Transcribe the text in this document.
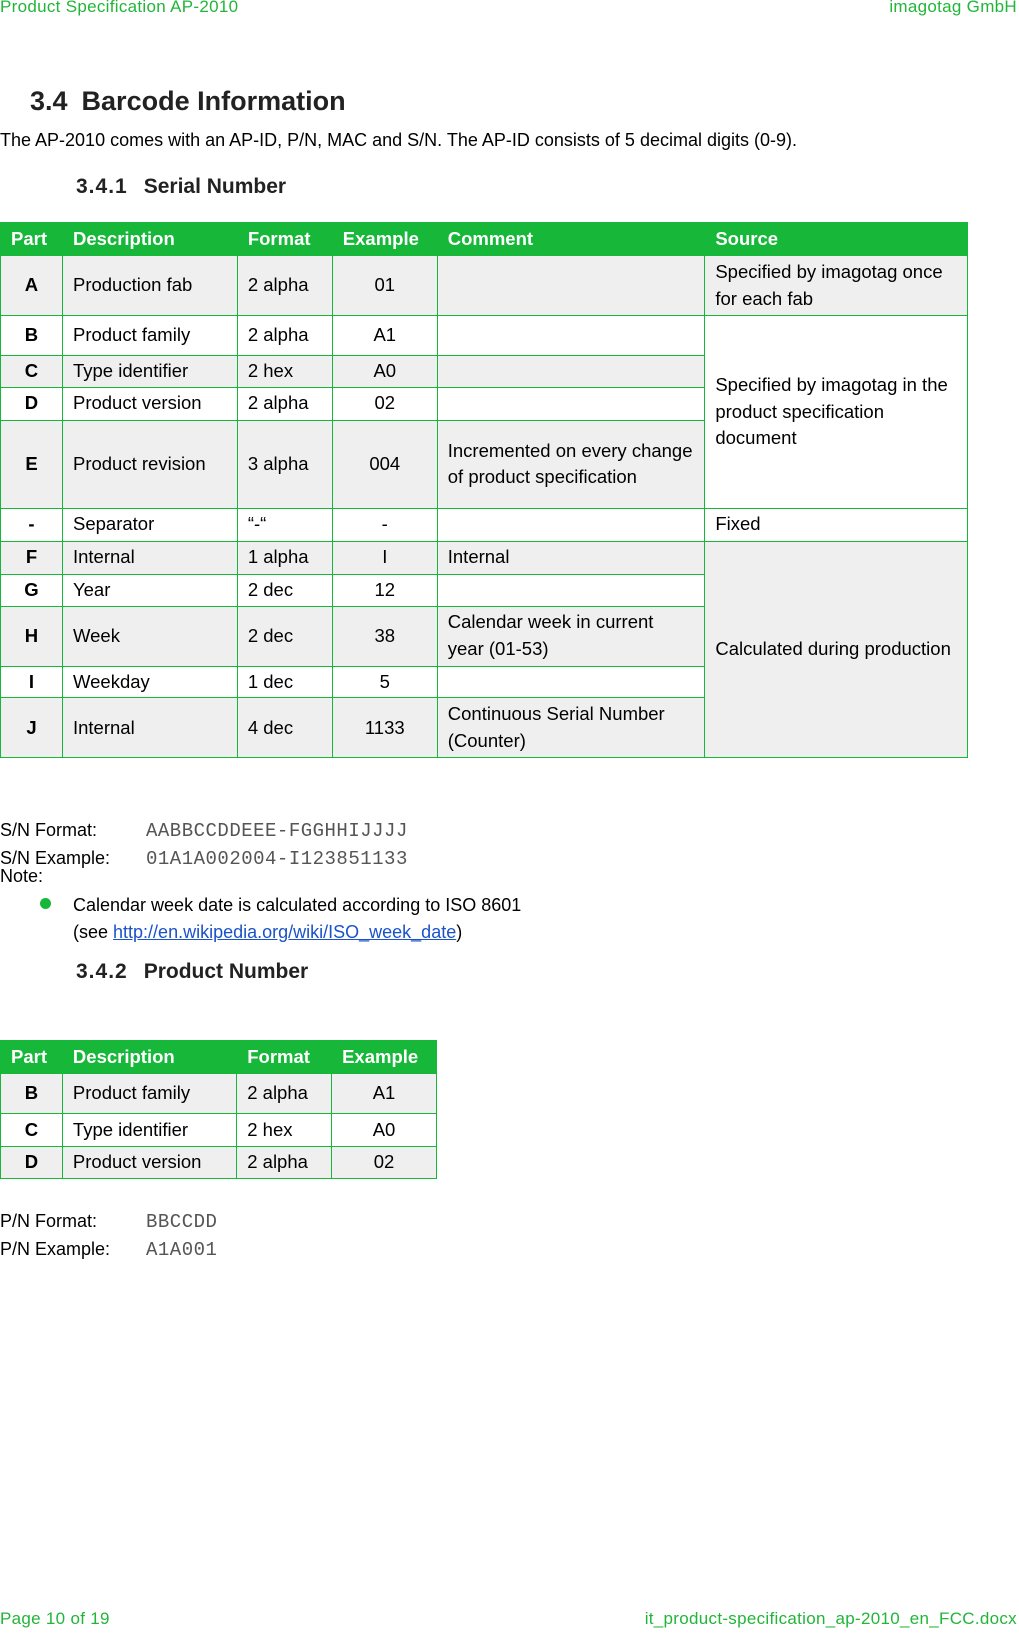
Product Specification AP-2010	imagotag GmbH
3.4 Barcode Information

The AP-2010 comes with an AP-ID, P/N, MAC and S/N. The AP-ID consists of 5 decimal digits (0-9).

3.4.1 Serial Number
Part	Description	Format	Example	Comment	Source
A	Production fab	2 alpha	01		Specified by imagotag once for each fab
B	Product family	2 alpha	A1		Specified by imagotag in the product specification document
C	Type identifier	2 hex	A0		
D	Product version	2 alpha	02		
E	Product revision	3 alpha	004	Incremented on every change of product specification	
-	Separator	“-“	-		Fixed
F	Internal	1 alpha	I	Internal	Calculated during production
G	Year	2 dec	12		
H	Week	2 dec	38	Calendar week in current year (01-53)	
I	Weekday	1 dec	5		
J	Internal	4 dec	1133	Continuous Serial Number (Counter)	
S/N Format:	AABBCCDDEEE-FGGHHIJJJJ
S/N Example: 01A1A002004-I123851133
Note:
Calendar week date is calculated according to ISO 8601
(see http://en.wikipedia.org/wiki/ISO_week_date)
3.4.2 Product Number
Part	Description	Format	Example
B	Product family	2 alpha	A1
C	Type identifier	2 hex	A0
D	Product version	2 alpha	02
P/N Format:	BBCCDD
P/N Example: A1A001
Page 10 of 19	it_product-specification_ap-2010_en_FCC.docx
